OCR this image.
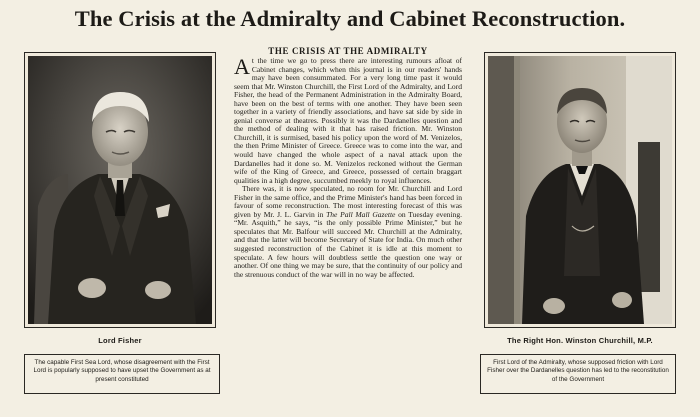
The Crisis at the Admiralty and Cabinet Reconstruction.
Lord Fisher
The capable First Sea Lord, whose disagreement with the First Lord is popularly supposed to have upset the Government as at present constituted
THE CRISIS AT THE ADMIRALTY

At the time we go to press there are interesting rumours afloat of Cabinet changes, which when this journal is in our readers' hands may have been consummated. For a very long time past it would seem that Mr. Winston Churchill, the First Lord of the Admiralty, and Lord Fisher, the head of the Permanent Administration in the Admiralty Board, have been on the best of terms with one another. They have been seen together in a variety of friendly associations, and have sat side by side in genial converse at theatres. Possibly it was the Dardanelles question and the method of dealing with it that has raised friction. Mr. Winston Churchill, it is surmised, based his policy upon the word of M. Venizelos, the then Prime Minister of Greece. Greece was to come into the war, and would have changed the whole aspect of a naval attack upon the Dardanelles had it done so. M. Venizelos reckoned without the German wife of the King of Greece, and Greece, possessed of certain braggart qualities in a high degree, succumbed meekly to royal influences.

There was, it is now speculated, no room for Mr. Churchill and Lord Fisher in the same office, and the Prime Minister's hand has been forced in favour of some reconstruction. The most interesting forecast of this was given by Mr. J. L. Garvin in The Pall Mall Gazette on Tuesday evening. “Mr. Asquith,” he says, “is the only possible Prime Minister,” but he speculates that Mr. Balfour will succeed Mr. Churchill at the Admiralty, and that the latter will become Secretary of State for India. On much other suggested reconstruction of the Cabinet it is idle at this moment to speculate. A few hours will doubtless settle the question one way or another. Of one thing we may be sure, that the continuity of our policy and the strenuous conduct of the war will in no way be affected.

The Right Hon. Winston Churchill, M.P.
First Lord of the Admiralty, whose supposed friction with Lord Fisher over the Dardanelles question has led to the reconstitution of the Government
